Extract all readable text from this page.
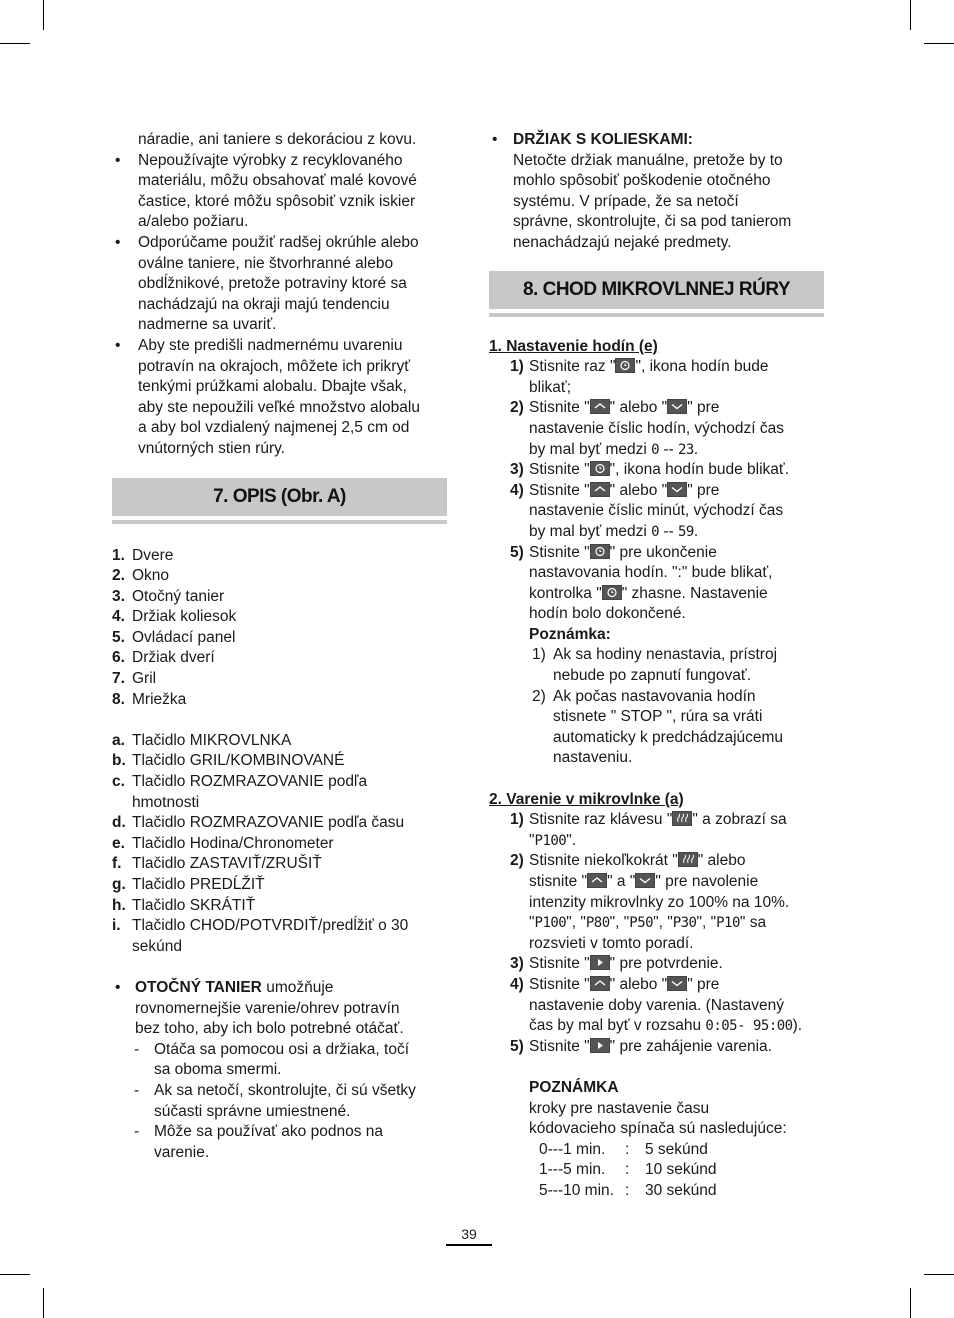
náradie, ani taniere s dekoráciou z kovu.
• Nepoužívajte výrobky z recyklovaného
materiálu, môžu obsahovať malé kovové
častice, ktoré môžu spôsobiť vznik iskier
a/alebo požiaru.
• Odporúčame použiť radšej okrúhle alebo
oválne taniere, nie štvorhranné alebo
obdĺžnikové, pretože potraviny ktoré sa
nachádzajú na okraji majú tendenciu
nadmerne sa uvariť.
• Aby ste predišli nadmernému uvareniu
potravín na okrajoch, môžete ich prikryť
tenkými prúžkami alobalu. Dbajte však,
aby ste nepoužili veľké množstvo alobalu
a aby bol vzdialený najmenej 2,5 cm od
vnútorných stien rúry.
7. OPIS (Obr. A)
1. Dvere
2. Okno
3. Otočný tanier
4. Držiak koliesok
5. Ovládací panel
6. Držiak dverí
7. Gril
8. Mriežka
a. Tlačidlo MIKROVLNKA
b. Tlačidlo GRIL/KOMBINOVANÉ
c. Tlačidlo ROZMRAZOVANIE podľa
hmotnosti
d. Tlačidlo ROZMRAZOVANIE podľa času
e. Tlačidlo Hodina/Chronometer
f. Tlačidlo ZASTAVIŤ/ZRUŠIŤ
g. Tlačidlo PREDĹŽIŤ
h. Tlačidlo SKRÁTIŤ
i. Tlačidlo CHOD/POTVRDIŤ/predĺžiť o 30
sekúnd
• OTOČNÝ TANIER umožňuje
rovnomernejšie varenie/ohrev potravín
bez toho, aby ich bolo potrebné otáčať.
- Otáča sa pomocou osi a držiaka, točí
sa oboma smermi.
- Ak sa netočí, skontrolujte, či sú všetky
súčasti správne umiestnené.
- Môže sa používať ako podnos na
varenie.
• DRŽIAK S KOLIESKAMI:
Netočte držiak manuálne, pretože by to
mohlo spôsobiť poškodenie otočného
systému. V prípade, že sa netočí
správne, skontrolujte, či sa pod tanierom
nenachádzajú nejaké predmety.
8. CHOD MIKROVLNNEJ RÚRY
1. Nastavenie hodín (e)
1) Stisnite raz " ", ikona hodín bude
blikať;
2) Stisnite " " alebo " " pre
nastavenie číslic hodín, východzí čas
by mal byť medzi 0 -- 23.
3) Stisnite " ", ikona hodín bude blikať.
4) Stisnite " " alebo " " pre
nastavenie číslic minút, východzí čas
by mal byť medzi 0 -- 59.
5) Stisnite " " pre ukončenie
nastavovania hodín. ":" bude blikať,
kontrolka " " zhasne. Nastavenie
hodín bolo dokončené.
Poznámka:
1) Ak sa hodiny nenastavia, prístroj
nebude po zapnutí fungovať.
2) Ak počas nastavovania hodín
stisnete " STOP ", rúra sa vráti
automaticky k predchádzajúcemu
nastaveniu.
2. Varenie v mikrovlnke (a)
1) Stisnite raz klávesu " " a zobrazí sa
"P100".
2) Stisnite niekoľkokrát " " alebo
stisnite " " a " " pre navolenie
intenzity mikrovlnky zo 100% na 10%.
"P100", "P80", "P50", "P30", "P10" sa
rozsvieti v tomto poradí.
3) Stisnite " " pre potvrdenie.
4) Stisnite " " alebo " " pre
nastavenie doby varenia. (Nastavený
čas by mal byť v rozsahu 0:05- 95:00).
5) Stisnite " " pre zahájenie varenia.
POZNÁMKA
kroky pre nastavenie času
kódovacieho spínača sú nasledujúce:
0---1 min. : 5 sekúnd
1---5 min. : 10 sekúnd
5---10 min. : 30 sekúnd
39
